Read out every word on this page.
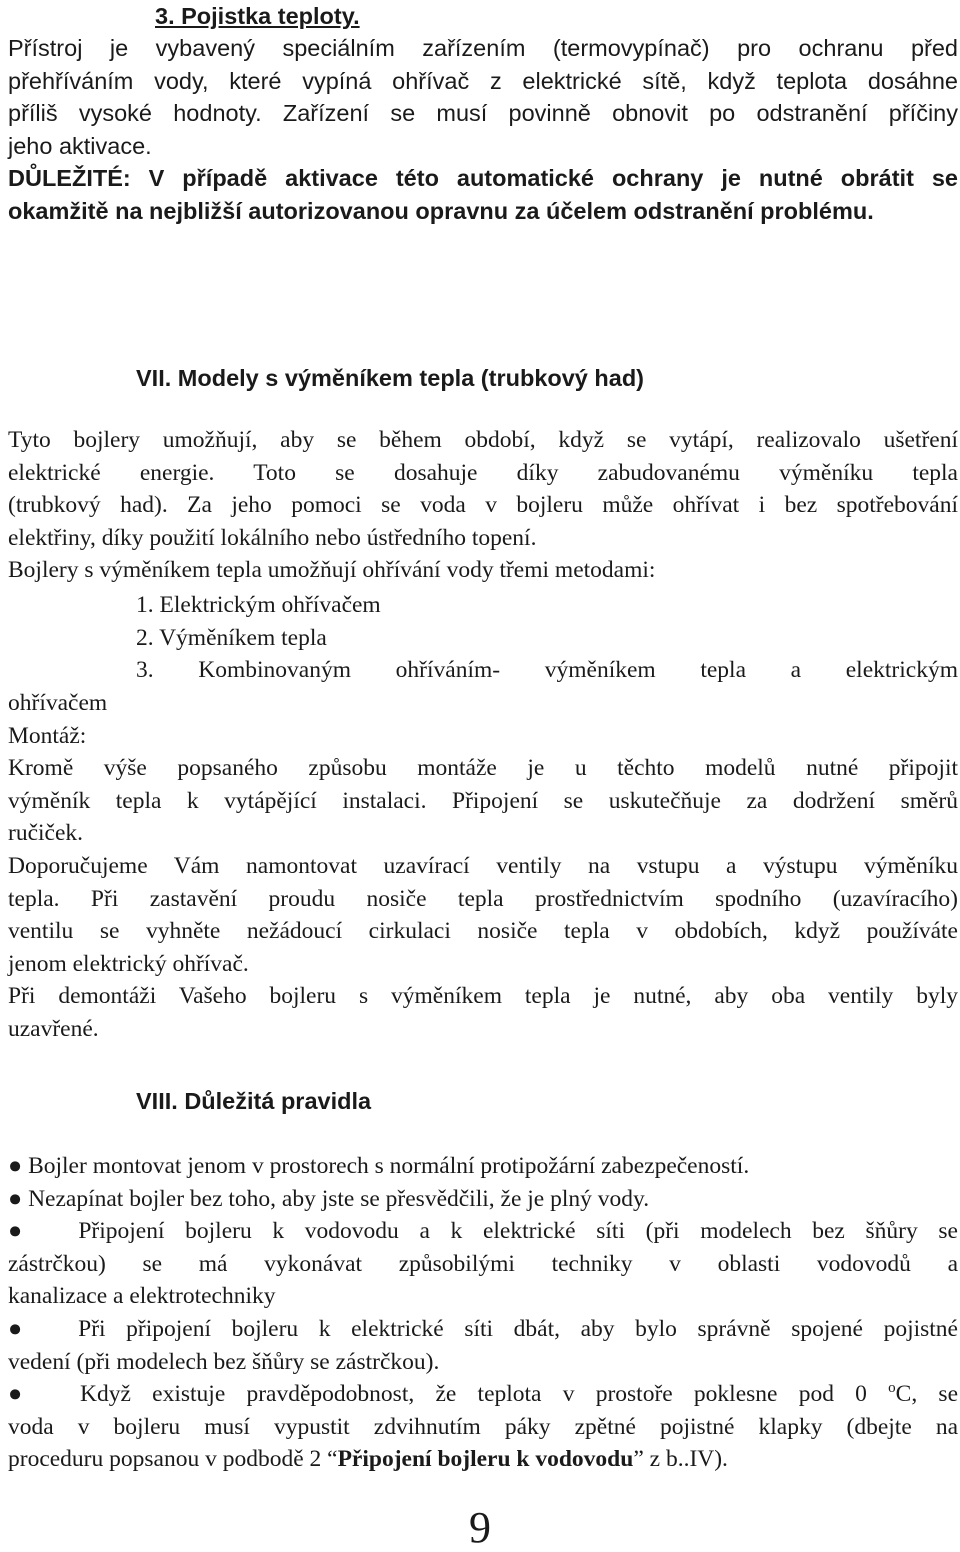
3. Pojistka teploty.
Přístroj je vybavený speciálním zařízením (termovypínač) pro ochranu před
přehříváním vody, které vypíná ohřívač z elektrické sítě, když teplota dosáhne
příliš vysoké hodnoty. Zařízení se musí povinně obnovit po odstranění příčiny
jeho aktivace.
DŮLEŽITÉ: V případě aktivace této automatické ochrany je nutné obrátit se
okamžitě na nejbližší autorizovanou opravnu za účelem odstranění problému.
VII. Modely s výměníkem tepla (trubkový had)
Tyto bojlery umožňují, aby se během období, když se vytápí, realizovalo ušetření
elektrické energie. Toto se dosahuje díky zabudovanému výměníku tepla
(trubkový had). Za jeho pomoci se voda v bojleru může ohřívat i bez spotřebování
elektřiny, díky použití lokálního nebo ústředního topení.
Bojlery s výměníkem tepla umožňují ohřívání vody třemi metodami:
1. Elektrickým ohřívačem
2. Výměníkem tepla
3. Kombinovaným ohříváním- výměníkem tepla a elektrickým
ohřívačem
Montáž:
Kromě výše popsaného způsobu montáže je u těchto modelů nutné připojit
výměník tepla k vytápějící instalaci. Připojení se uskutečňuje za dodržení směrů
ručiček.
Doporučujeme Vám namontovat uzavírací ventily na vstupu a výstupu výměníku
tepla. Při zastavění proudu nosiče tepla prostřednictvím spodního (uzavíracího)
ventilu se vyhněte nežádoucí cirkulaci nosiče tepla v obdobích, když používáte
jenom elektrický ohřívač.
Při demontáži Vašeho bojleru s výměníkem tepla je nutné, aby oba ventily byly
uzavřené.
VIII. Důležitá pravidla
● Bojler montovat jenom v prostorech s normální protipožární zabezpečeností.
● Nezapínat bojler bez toho, aby jste se přesvědčili, že je plný vody.
● Připojení bojleru k vodovodu a k elektrické síti (při modelech bez šňůry se
zástrčkou) se má vykonávat způsobilými techniky v oblasti vodovodů a
kanalizace a elektrotechniky
● Při připojení bojleru k elektrické síti dbát, aby bylo správně spojené pojistné
vedení (při modelech bez šňůry se zástrčkou).
● Když existuje pravděpodobnost, že teplota v prostoře poklesne pod 0 $^o$C, se
voda v bojleru musí vypustit zdvihnutím páky zpětné pojistné klapky (dbejte na
proceduru popsanou v podbodě 2 “Připojení bojleru k vodovodu” z b..IV).
9
